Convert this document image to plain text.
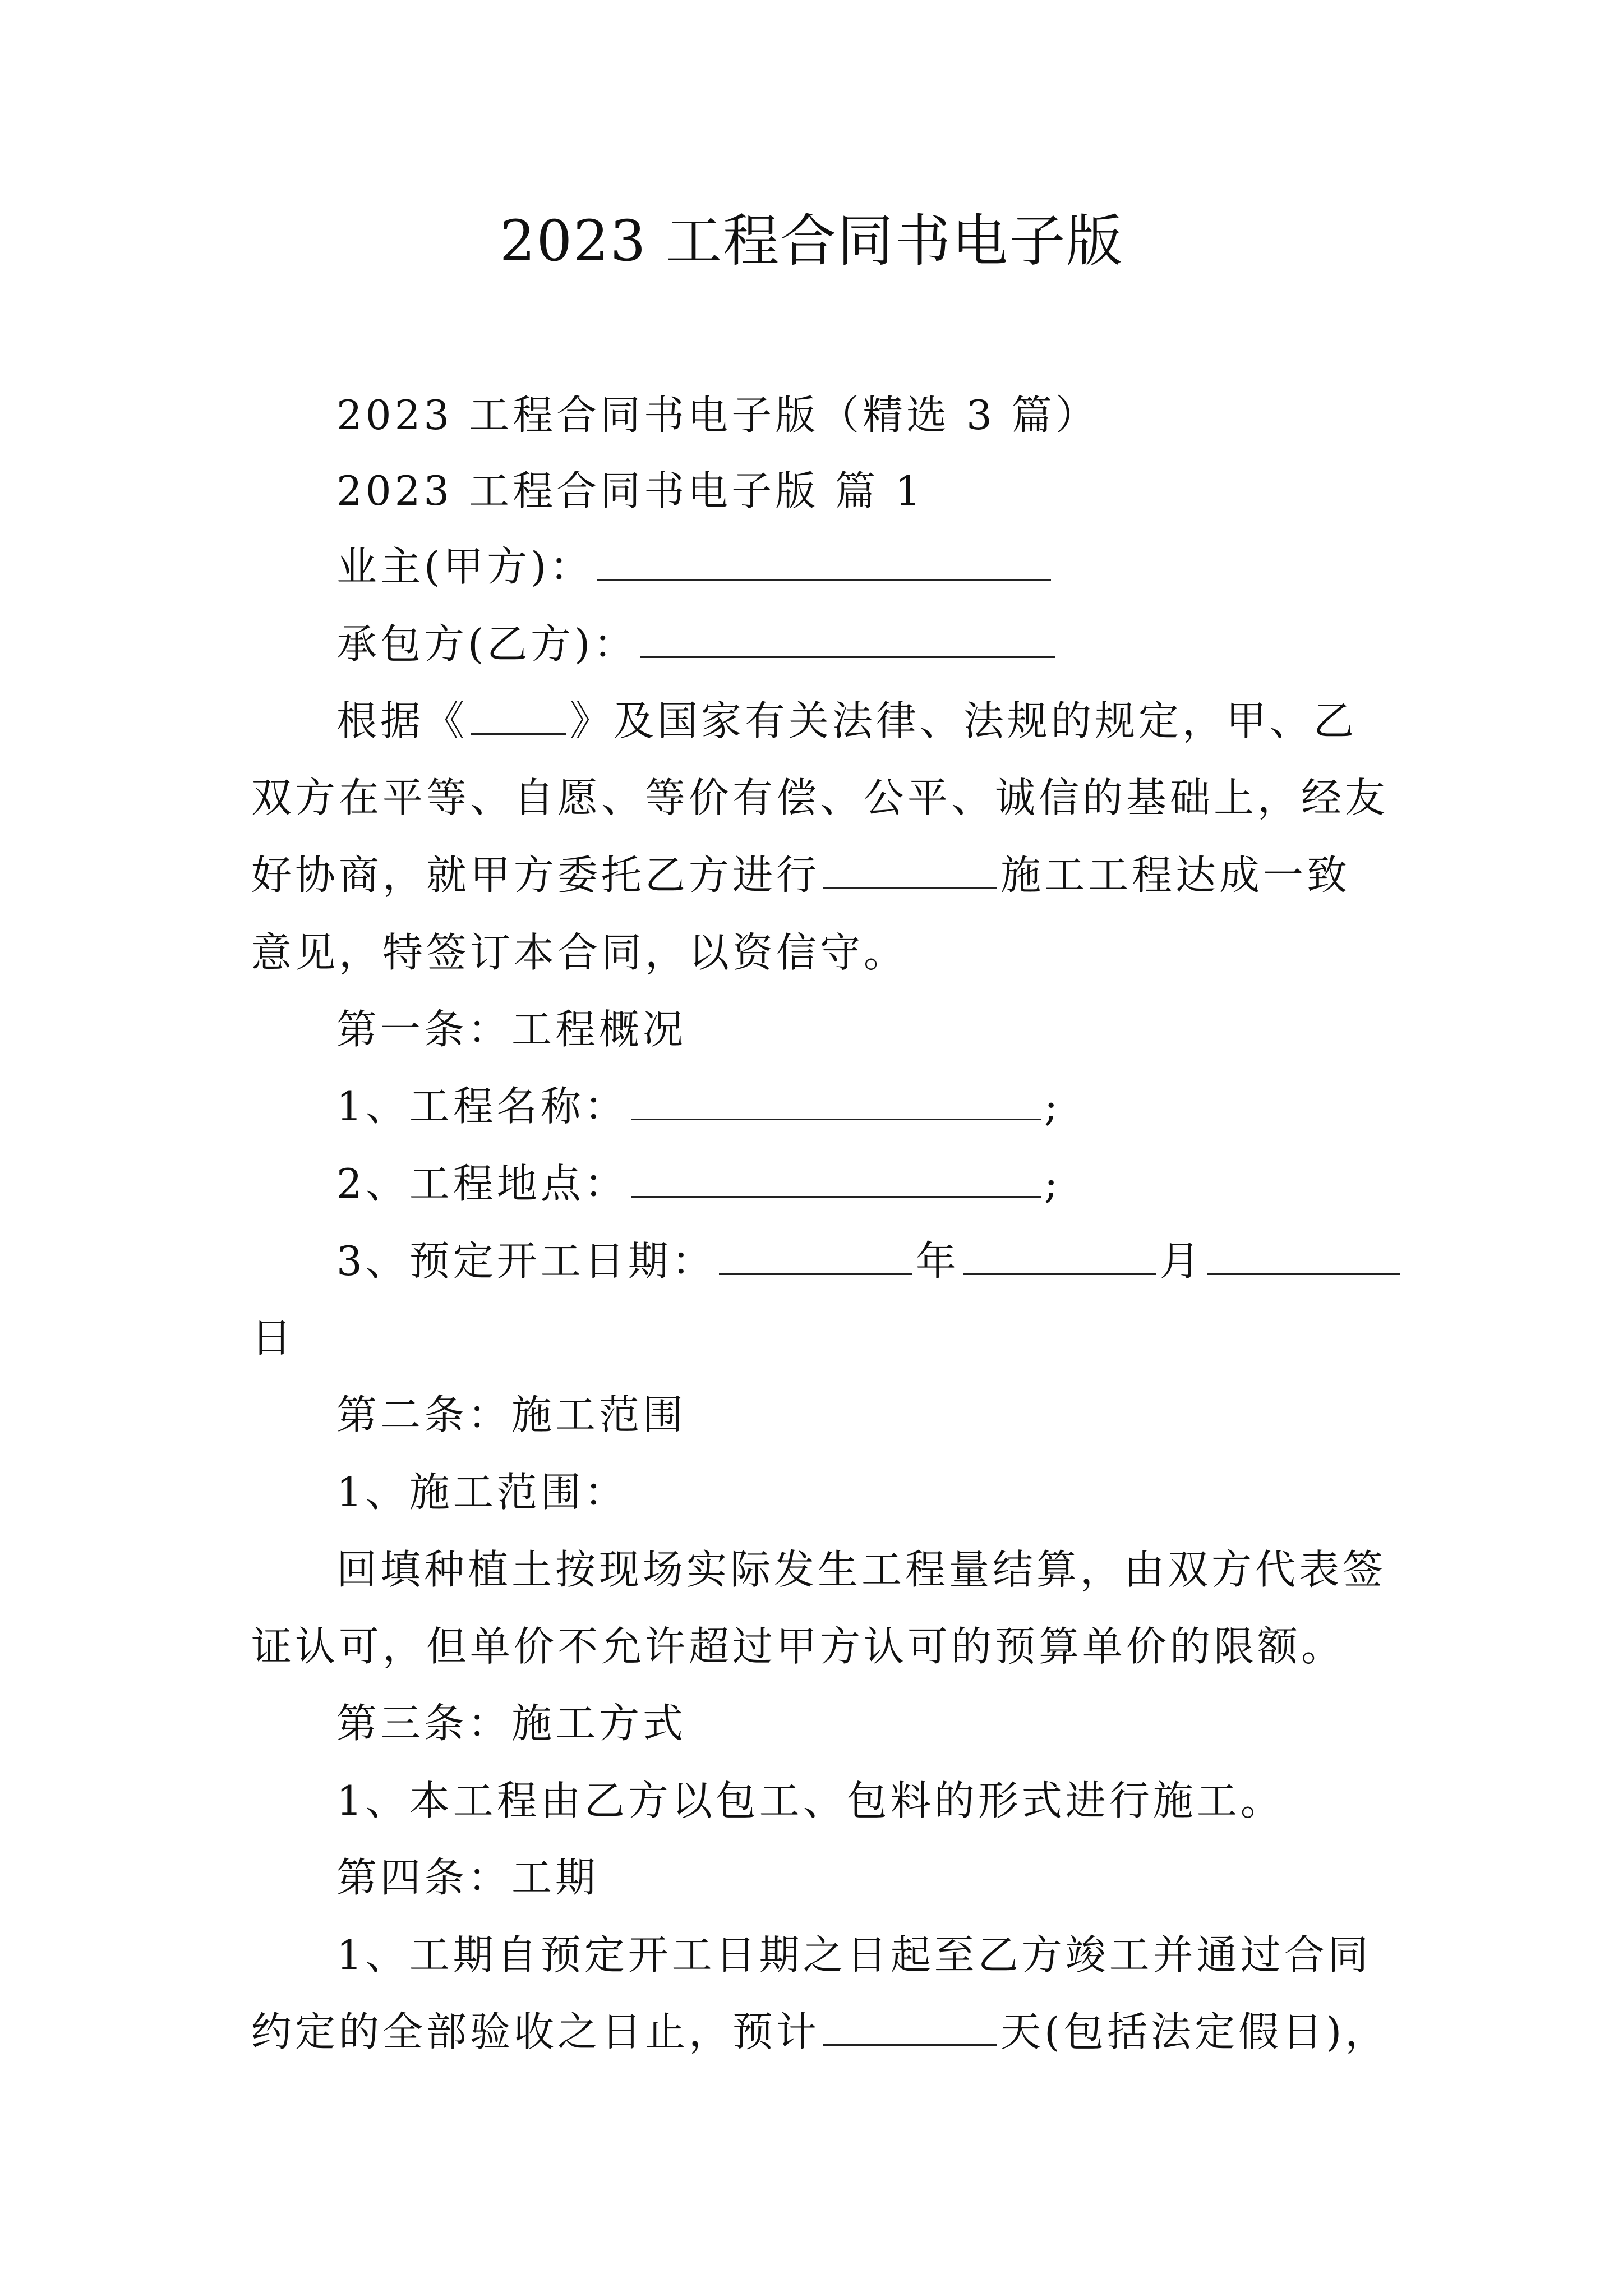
2023 工程合同书电子版
2023 工程合同书电子版（精选 3 篇）
2023 工程合同书电子版 篇 1
业主(甲方)：
承包方(乙方)：
根据《	》及国家有关法律、法规的规定，甲、乙
双方在平等、自愿、等价有偿、公平、诚信的基础上，经友
好协商，就甲方委托乙方进行	施工工程达成一致
意见，特签订本合同，以资信守。
第一条：工程概况
1、工程名称：	;
2、工程地点：	;
3、预定开工日期：	年	月
日
第二条：施工范围
1、施工范围：
回填种植土按现场实际发生工程量结算，由双方代表签
证认可，但单价不允许超过甲方认可的预算单价的限额。
第三条：施工方式
1、本工程由乙方以包工、包料的形式进行施工。
第四条：工期
1、工期自预定开工日期之日起至乙方竣工并通过合同
约定的全部验收之日止，预计	天(包括法定假日)，
